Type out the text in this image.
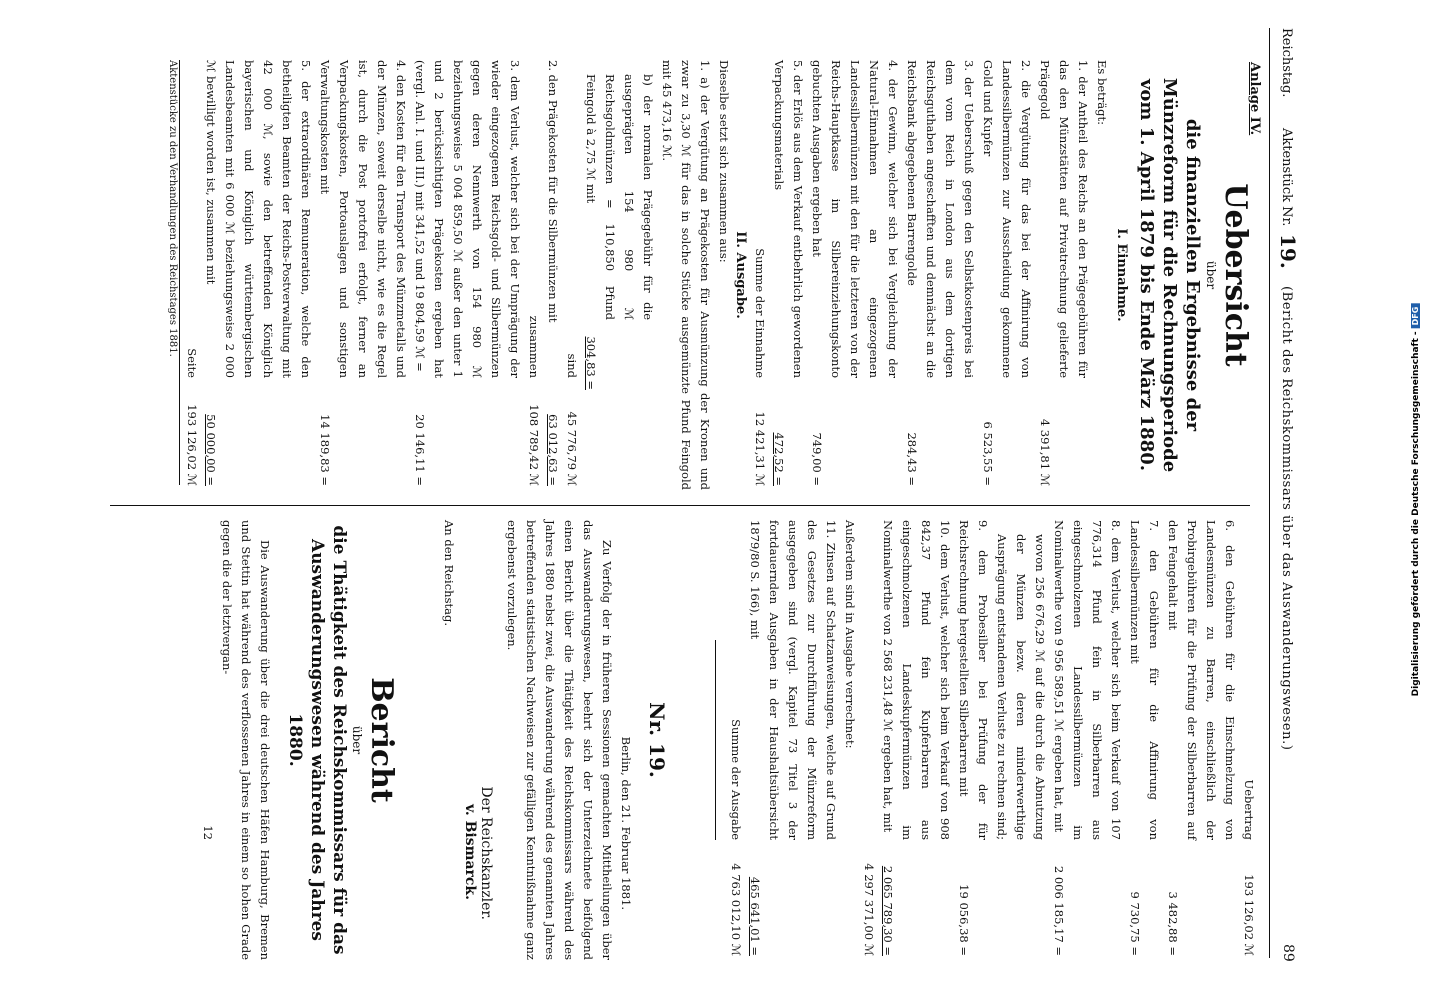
Digitalisierung gefördert durch die Deutsche Forschungsgemeinschaft -DFG
Reichstag.
Aktenstück Nr.
19.
(Bericht des Reichskommissars über das Auswanderungswesen.)
89
Anlage IV.
Uebersicht
über
die finanziellen Ergebnisse der Münzreform für die Rechnungsperiode vom 1. April 1879 bis Ende März 1880.
I. Einnahme.
Es beträgt:
1. der Antheil des Reichs an den Prägegebühren für das den Münzstätten auf Privatrechnung gelieferte Prägegold
4 391,81 ℳ
2. die Vergütung für das bei der Affinirung von Landessilbermünzen zur Ausscheidung gekommene Gold und Kupfer
6 523,55 =
3. der Ueberschuß gegen den Selbstkostenpreis bei dem vom Reich in London aus dem dortigen Reichsguthaben angeschafften und demnächst an die Reichsbank abgegebenen Barrengolde
284,43 =
4. der Gewinn, welcher sich bei Vergleichung der Natural-Einnahmen an eingezogenen Landessilbermünzen mit den für die letzteren von der Reichs-Hauptkasse im Silbereinziehungskonto gebuchten Ausgaben ergeben hat
749,00 =
5. der Erlös aus dem Verkauf entbehrlich gewordenen Verpackungsmaterials
472,52 =
Summe der Einnahme
12 421,31 ℳ
II. Ausgabe.
Dieselbe setzt sich zusammen aus:
1. a) der Vergütung an Prägekosten für Ausmünzung der Kronen und zwar zu 3,30 ℳ für das in solche Stücke ausgemünzte Pfund Feingold mit 45 473,16 ℳ.
b) der normalen Prägegebühr für die ausgeprägten 154 980 ℳ Reichsgoldmünzen = 110,850 Pfund Feingold à 2,75 ℳ mit
304,83 =
sind
45 776,79 ℳ
2. den Prägekosten für die Silbermünzen mit
63 012,63 =
zusammen
108 789,42 ℳ
3. dem Verlust, welcher sich bei der Umprägung der wieder eingezogenen Reichsgold- und Silbermünzen gegen deren Nennwerth von 154 980 ℳ beziehungsweise 5 004 859,50 ℳ außer den unter 1 und 2 berücksichtigten Prägekosten ergeben hat (vergl. Anl. I. und III.) mit 341,52 und 19 804,59 ℳ =
20 146,11 =
4. den Kosten für den Transport des Münzmetalls und der Münzen, soweit derselbe nicht, wie es die Regel ist, durch die Post portofrei erfolgt, ferner an Verpackungskosten, Portoauslagen und sonstigen Verwaltungskosten mit
14 189,83 =
5. der extraordinären Remuneration, welche den betheiligten Beamten der Reichs-Postverwaltung mit 42 000 ℳ, sowie den betreffenden Königlich bayerischen und Königlich württembergischen Landesbeamten mit 6 000 ℳ beziehungsweise 2 000 ℳ bewilligt worden ist, zusammen mit
50 000,00 =
Seite
193 126,02 ℳ
Aktenstücke zu den Verhandlungen des Reichstages 1881.
Uebertrag
193 126,02 ℳ
6. den Gebühren für die Einschmelzung von Landesmünzen zu Barren, einschließlich der Probirgebühren für die Prüfung der Silberbarren auf den Feingehalt mit
3 482,88 =
7. den Gebühren für die Affinirung von Landessilbermünzen mit
9 730,75 =
8. dem Verlust, welcher sich beim Verkauf von 107 776,314 Pfund fein in Silberbarren aus eingeschmolzenen Landessilbermünzen im Nominalwerthe von 9 956 589,51 ℳ ergeben hat, mit
2 006 185,17 =
wovon 256 676,29 ℳ auf die durch die Abnutzung der Münzen bezw. deren minderwerthige Ausprägung entstandenen Verluste zu rechnen sind;
9. dem Probesilber bei Prüfung der für Reichsrechnung hergestellten Silberbarren mit
19 056,38 =
10. dem Verlust, welcher sich beim Verkauf von 908 842,37 Pfund fein Kupferbarren aus eingeschmolzenen Landeskupfermünzen im Nominalwerthe von 2 568 231,48 ℳ ergeben hat, mit
2 065 789,30 =
4 297 371,00 ℳ
Außerdem sind in Ausgabe verrechnet:
11. Zinsen auf Schatzanweisungen, welche auf Grund des Gesetzes zur Durchführung der Münzreform ausgegeben sind (vergl. Kapitel 73 Titel 3 der fortdauernden Ausgaben in der Haushaltsübersicht 1879/80 S. 166), mit
465 641,01 =
Summe der Ausgabe
4 763 012,10 ℳ
Nr. 19.
Berlin, den 21. Februar 1881.
Zu Verfolg der in früheren Sessionen gemachten Mittheilungen über das Auswanderungswesen, beehrt sich der Unterzeichnete beifolgend einen Bericht über die Thätigkeit des Reichskommissars während des Jahres 1880 nebst zwei, die Auswanderung während des genannten Jahres betreffenden statistischen Nachweisen zur gefälligen Kenntnißnahme ganz ergebenst vorzulegen.
Der Reichskanzler.
v. Bismarck.
An den Reichstag.
Bericht
über
die Thätigkeit des Reichskommissars für das
Auswanderungswesen während des Jahres 1880.
Die Auswanderung über die drei deutschen Häfen Hamburg, Bremen und Stettin hat während des verflossenen Jahres in einem so hohen Grade gegen die der letztvergan-
12
